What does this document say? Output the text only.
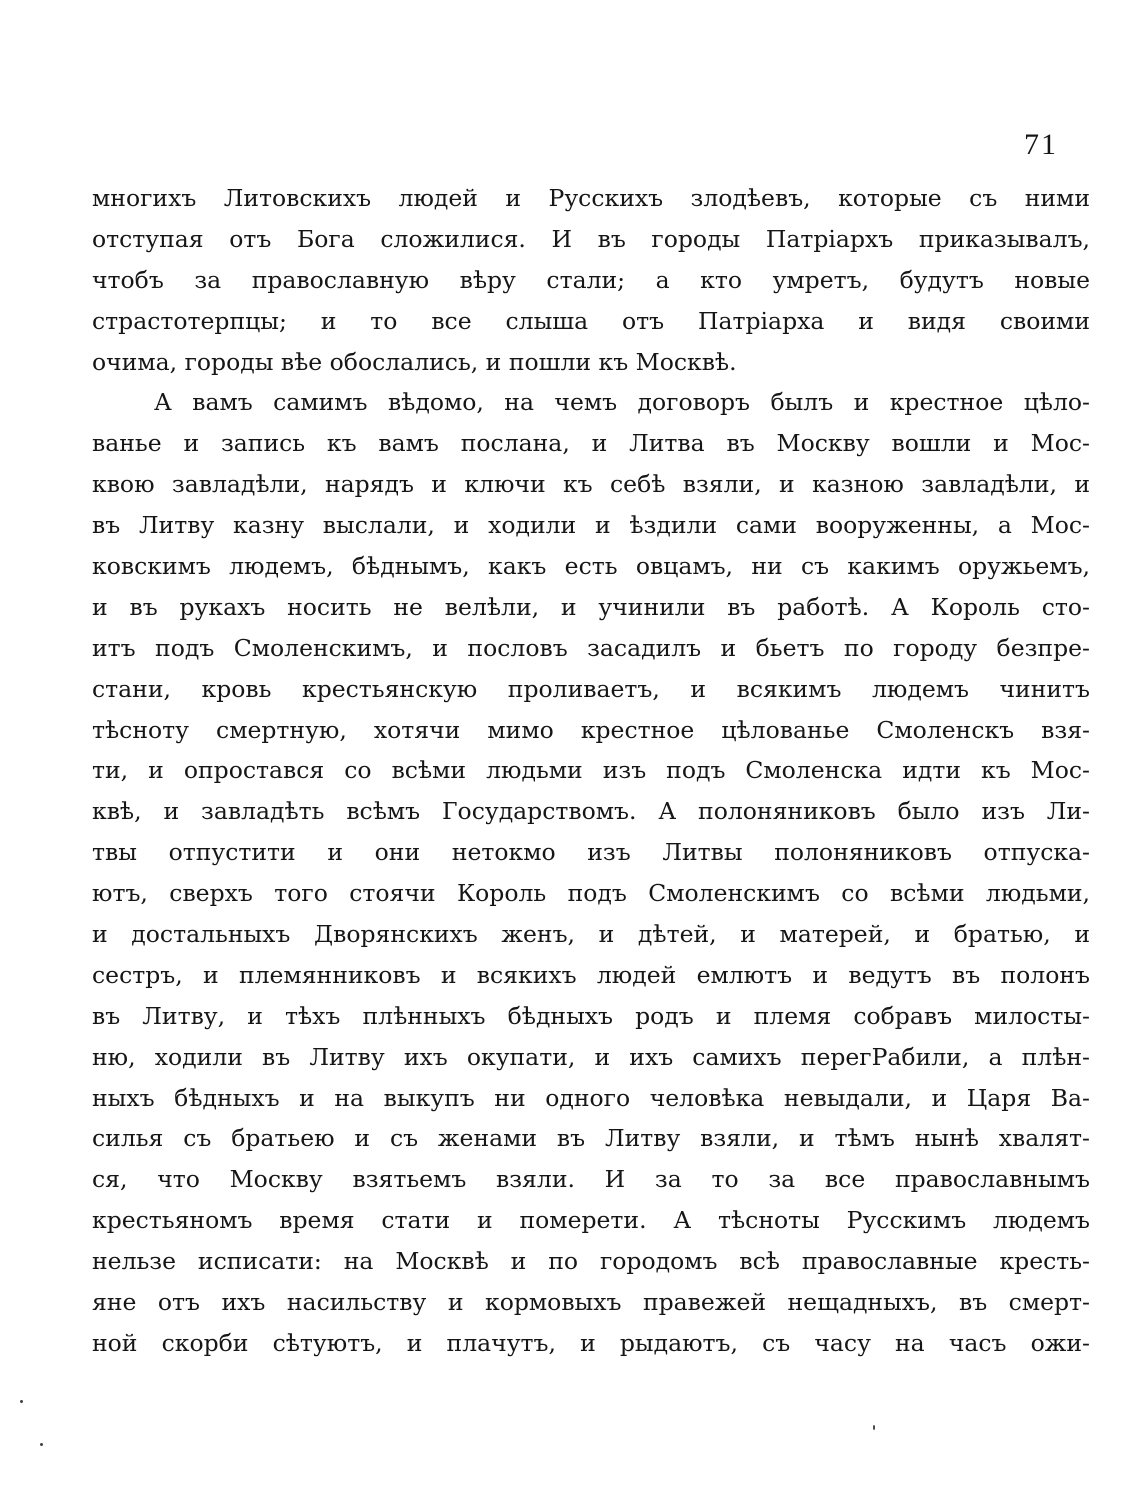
71
многихъ Литовскихъ людей и Русскихъ злодѣевъ, которые съ ними
отступая отъ Бога сложилися. И въ городы Патріархъ приказывалъ,
чтобъ за православную вѣру стали; а кто умретъ, будутъ новые
страстотерпцы; и то все слыша отъ Патріарха и видя своими
очима, городы вѣе обослались, и пошли къ Москвѣ.
А вамъ самимъ вѣдомо, на чемъ договоръ былъ и крестное цѣло-
ванье и запись къ вамъ послана, и Литва въ Москву вошли и Мос-
квою завладѣли, нарядъ и ключи къ себѣ взяли, и казною завладѣли, и
въ Литву казну выслали, и ходили и ѣздили сами вооруженны, а Мос-
ковскимъ людемъ, бѣднымъ, какъ есть овцамъ, ни съ какимъ оружьемъ,
и въ рукахъ носить не велѣли, и учинили въ работѣ. А Король сто-
итъ подъ Смоленскимъ, и пословъ засадилъ и бьетъ по городу безпре-
стани, кровь крестьянскую проливаетъ, и всякимъ людемъ чинитъ
тѣсноту смертную, хотячи мимо крестное цѣлованье Смоленскъ взя-
ти, и опростався со всѣми людьми изъ подъ Смоленска идти къ Мос-
квѣ, и завладѣть всѣмъ Государствомъ. А полоняниковъ было изъ Ли-
твы отпустити и они нетокмо изъ Литвы полоняниковъ отпуска-
ютъ, сверхъ того стоячи Король подъ Смоленскимъ со всѣми людьми,
и достальныхъ Дворянскихъ женъ, и дѣтей, и матерей, и братью, и
сестръ, и племянниковъ и всякихъ людей емлютъ и ведутъ въ полонъ
въ Литву, и тѣхъ плѣнныхъ бѣдныхъ родъ и племя собравъ милосты-
ню, ходили въ Литву ихъ окупати, и ихъ самихъ перегРабили, а плѣн-
ныхъ бѣдныхъ и на выкупъ ни одного человѣка невыдали, и Царя Ва-
силья съ братьею и съ женами въ Литву взяли, и тѣмъ нынѣ хвалят-
ся, что Москву взятьемъ взяли. И за то за все православнымъ
крестьяномъ время стати и померети. А тѣсноты Русскимъ людемъ
нельзе исписати: на Москвѣ и по городомъ всѣ православные кресть-
яне отъ ихъ насильству и кормовыхъ правежей нещадныхъ, въ смерт-
ной скорби сѣтуютъ, и плачутъ, и рыдаютъ, съ часу на часъ ожи-
